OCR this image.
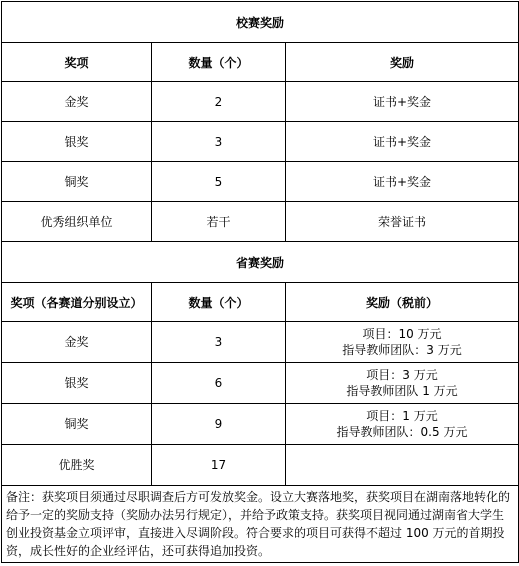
校赛奖励		
奖项	数量（个）	奖励
金奖	2	证书+奖金
银奖	3	证书+奖金
铜奖	5	证书+奖金
优秀组织单位	若干	荣誉证书
省赛奖励		
奖项（各赛道分别设立）	数量（个）	奖励（税前）
金奖	3	项目：10 万元
指导教师团队：3 万元

银奖	6	项目：3 万元
指导教师团队 1 万元

铜奖	9	项目：1 万元
指导教师团队：0.5 万元

优胜奖	17	
备注：获奖项目须通过尽职调查后方可发放奖金。设立大赛落地奖，获奖项目在湖南落地转化的给予一定的奖励支持（奖励办法另行规定），并给予政策支持。获奖项目视同通过湖南省大学生创业投资基金立项评审，直接进入尽调阶段。符合要求的项目可获得不超过 100 万元的首期投资，成长性好的企业经评估，还可获得追加投资。		
